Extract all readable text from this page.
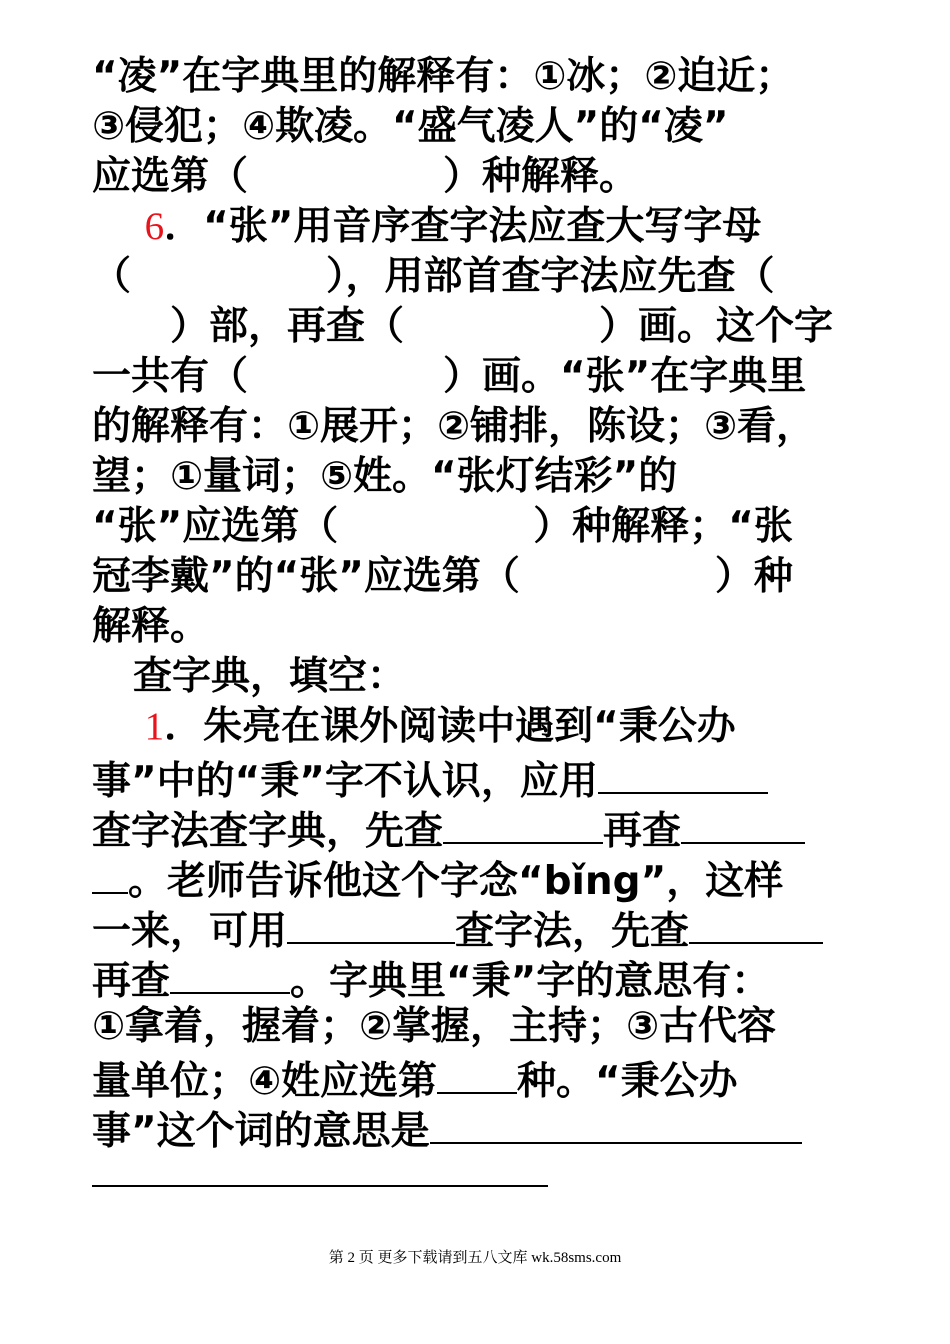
“凌”在字典里的解释有：①冰；②迫近；
③侵犯；④欺凌。“盛气凌人”的“凌”
应选第（　　　　　）种解释。
　 6．“张”用音序查字法应查大写字母
（　　　　　），用部首查字法应先查（
　　）部，再查（　　　　　）画。这个字
一共有（　　　　　）画。“张”在字典里
的解释有：①展开；②铺排，陈设；③看，
望；①量词；⑤姓。“张灯结彩”的
“张”应选第（　　　　　）种解释；“张
冠李戴”的“张”应选第（　　　　　）种
解释。
查字典，填空：
　 1．朱亮在课外阅读中遇到“秉公办
事”中的“秉”字不认识，应用
查字法查字典，先查	再查
。老师告诉他这个字念“bǐng”，这样
一来，可用	查字法，先查
再查	。字典里“秉”字的意思有：
①拿着，握着；②掌握，主持；③古代容
量单位；④姓应选第 种。“秉公办
事”这个词的意思是
第 2 页 更多下载请到五八文库 wk.58sms.com
